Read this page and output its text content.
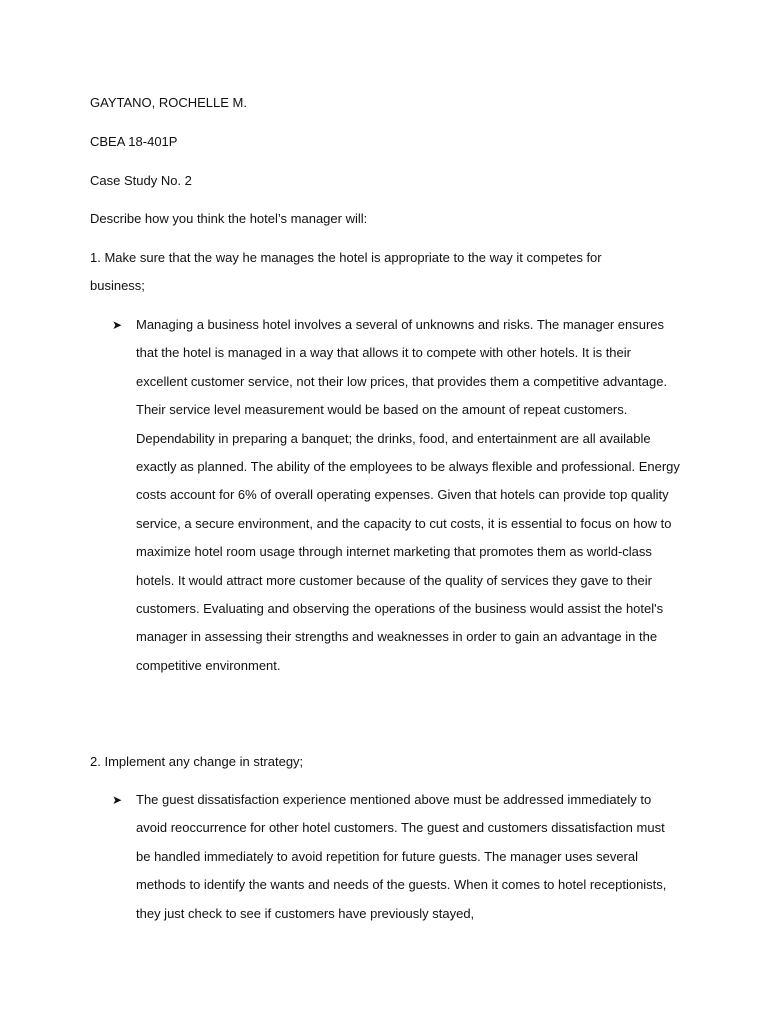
GAYTANO, ROCHELLE M.

CBEA 18-401P

Case Study No. 2

Describe how you think the hotel’s manager will:

1. Make sure that the way he manages the hotel is appropriate to the way it competes for business;

➤ Managing a business hotel involves a several of unknowns and risks. The manager ensures that the hotel is managed in a way that allows it to compete with other hotels. It is their excellent customer service, not their low prices, that provides them a competitive advantage. Their service level measurement would be based on the amount of repeat customers. Dependability in preparing a banquet; the drinks, food, and entertainment are all available exactly as planned. The ability of the employees to be always flexible and professional. Energy costs account for 6% of overall operating expenses. Given that hotels can provide top quality service, a secure environment, and the capacity to cut costs, it is essential to focus on how to maximize hotel room usage through internet marketing that promotes them as world-class hotels. It would attract more customer because of the quality of services they gave to their customers. Evaluating and observing the operations of the business would assist the hotel's manager in assessing their strengths and weaknesses in order to gain an advantage in the competitive environment.

2. Implement any change in strategy;

➤ The guest dissatisfaction experience mentioned above must be addressed immediately to avoid reoccurrence for other hotel customers. The guest and customers dissatisfaction must be handled immediately to avoid repetition for future guests. The manager uses several methods to identify the wants and needs of the guests. When it comes to hotel receptionists, they just check to see if customers have previously stayed,
